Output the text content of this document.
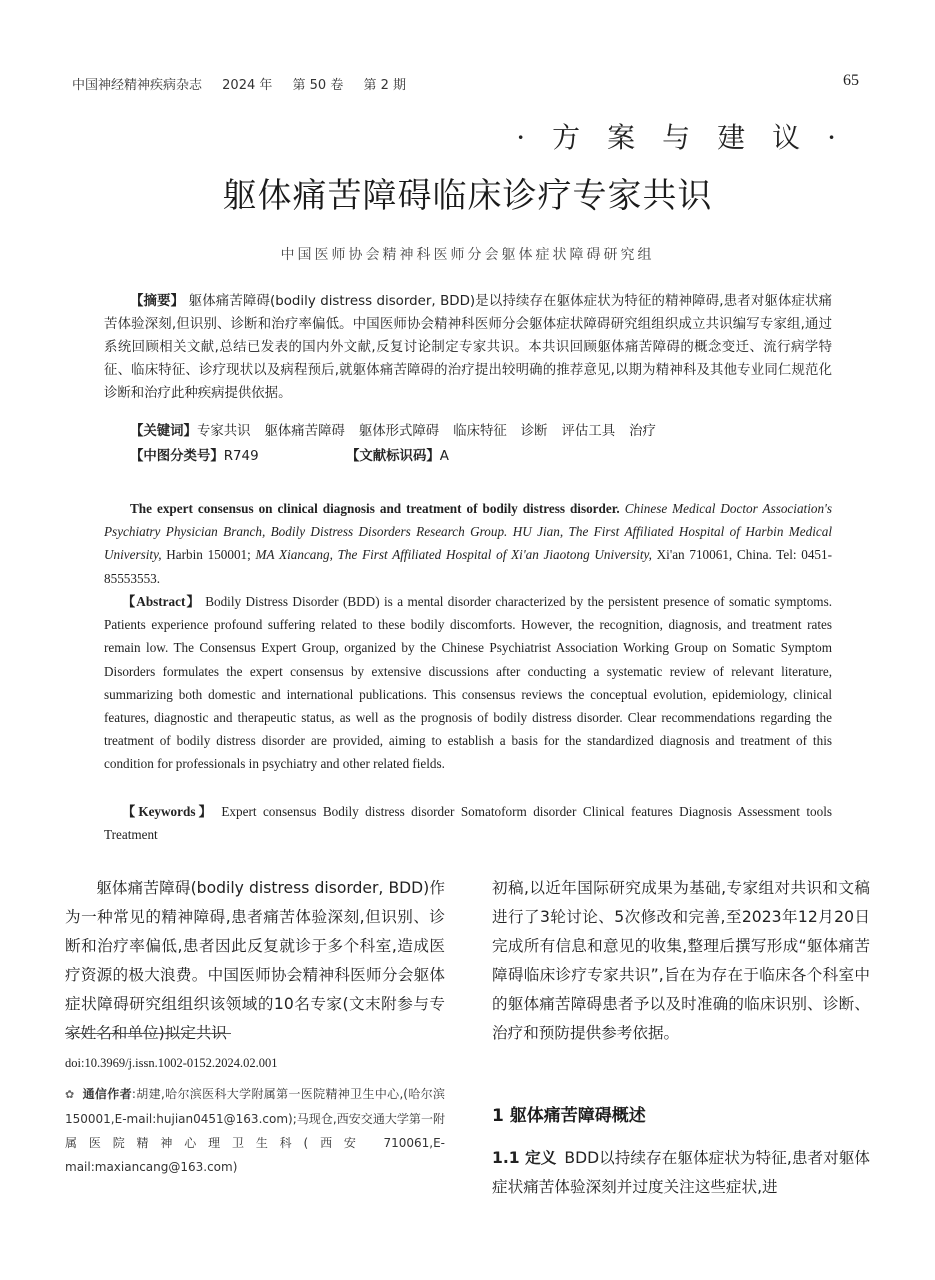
中国神经精神疾病杂志 2024 年 第 50 卷 第 2 期	65
·方案与建议·
躯体痛苦障碍临床诊疗专家共识
中国医师协会精神科医师分会躯体症状障碍研究组
【摘要】 躯体痛苦障碍(bodily distress disorder, BDD)是以持续存在躯体症状为特征的精神障碍,患者对躯体症状痛苦体验深刻,但识别、诊断和治疗率偏低。中国医师协会精神科医师分会躯体症状障碍研究组组织成立共识编写专家组,通过系统回顾相关文献,总结已发表的国内外文献,反复讨论制定专家共识。本共识回顾躯体痛苦障碍的概念变迁、流行病学特征、临床特征、诊疗现状以及病程预后,就躯体痛苦障碍的治疗提出较明确的推荐意见,以期为精神科及其他专业同仁规范化诊断和治疗此种疾病提供依据。
【关键词】专家共识 躯体痛苦障碍 躯体形式障碍 临床特征 诊断 评估工具 治疗
【中图分类号】R749	【文献标识码】A
The expert consensus on clinical diagnosis and treatment of bodily distress disorder. Chinese Medical Doctor Association's Psychiatry Physician Branch, Bodily Distress Disorders Research Group. HU Jian, The First Affiliated Hospital of Harbin Medical University, Harbin 150001; MA Xiancang, The First Affiliated Hospital of Xi'an Jiaotong University, Xi'an 710061, China. Tel: 0451-85553553.
【Abstract】 Bodily Distress Disorder (BDD) is a mental disorder characterized by the persistent presence of somatic symptoms. Patients experience profound suffering related to these bodily discomforts. However, the recognition, diagnosis, and treatment rates remain low. The Consensus Expert Group, organized by the Chinese Psychiatrist Association Working Group on Somatic Symptom Disorders formulates the expert consensus by extensive discussions after conducting a systematic review of relevant literature, summarizing both domestic and international publications. This consensus reviews the conceptual evolution, epidemiology, clinical features, diagnostic and therapeutic status, as well as the prognosis of bodily distress disorder. Clear recommendations regarding the treatment of bodily distress disorder are provided, aiming to establish a basis for the standardized diagnosis and treatment of this condition for professionals in psychiatry and other related fields.
【Keywords】 Expert consensus Bodily distress disorder Somatoform disorder Clinical features Diagnosis Assessment tools Treatment
躯体痛苦障碍(bodily distress disorder, BDD)作为一种常见的精神障碍,患者痛苦体验深刻,但识别、诊断和治疗率偏低,患者因此反复就诊于多个科室,造成医疗资源的极大浪费。中国医师协会精神科医师分会躯体症状障碍研究组组织该领域的10名专家(文末附参与专家姓名和单位)拟定共识
初稿,以近年国际研究成果为基础,专家组对共识和文稿进行了3轮讨论、5次修改和完善,至2023年12月20日完成所有信息和意见的收集,整理后撰写形成“躯体痛苦障碍临床诊疗专家共识”,旨在为存在于临床各个科室中的躯体痛苦障碍患者予以及时准确的临床识别、诊断、治疗和预防提供参考依据。
doi:10.3969/j.issn.1002-0152.2024.02.001
✿ 通信作者:胡建,哈尔滨医科大学附属第一医院精神卫生中心,(哈尔滨 150001,E-mail:hujian0451@163.com);马现仓,西安交通大学第一附属医院精神心理卫生科(西安 710061,E-mail:maxiancang@163.com)
1 躯体痛苦障碍概述
1.1 定义 BDD以持续存在躯体症状为特征,患者对躯体症状痛苦体验深刻并过度关注这些症状,进
